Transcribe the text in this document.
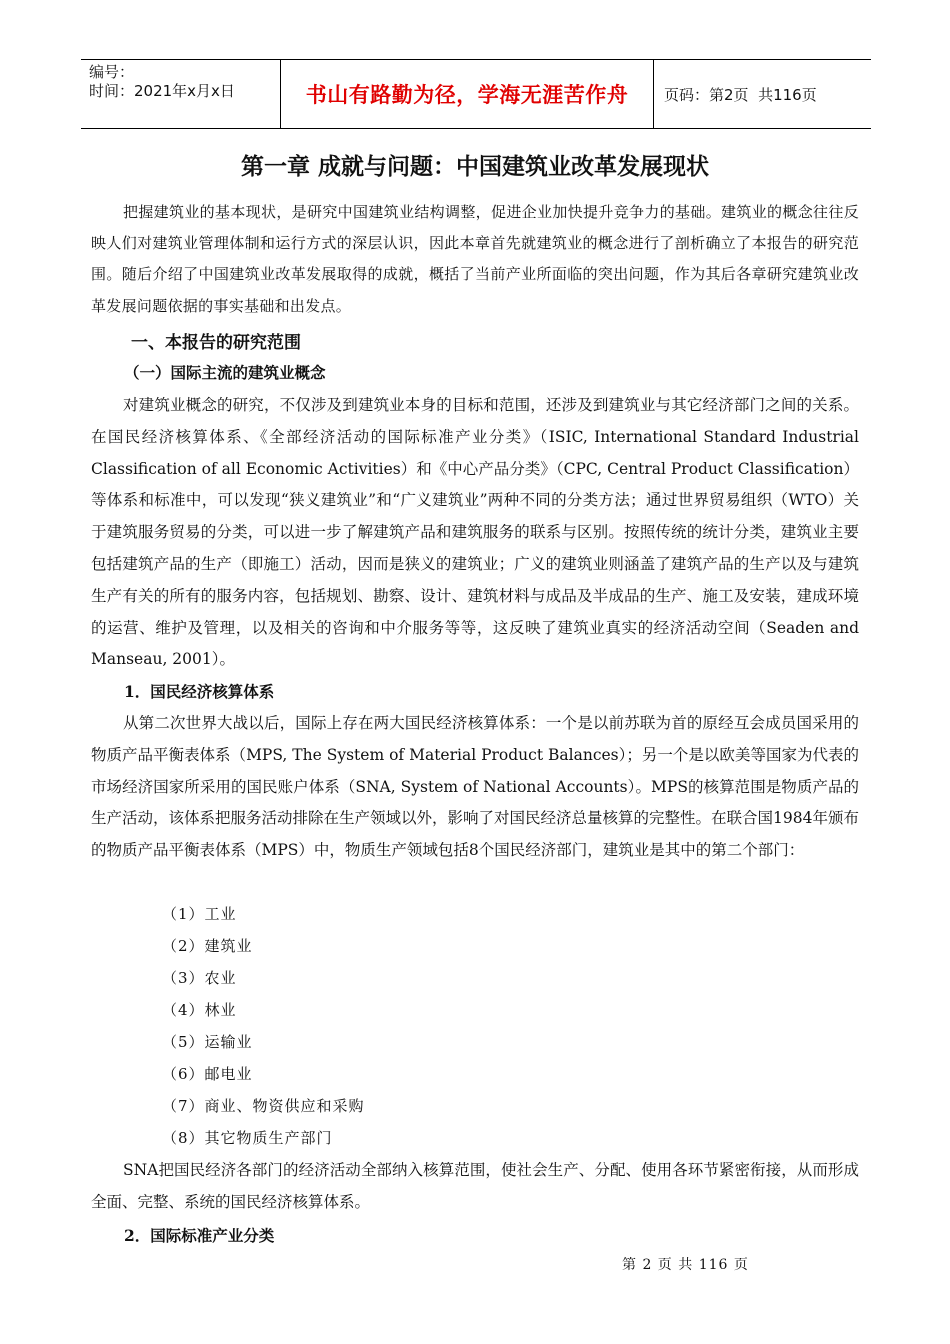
编号：
时间：2021年x月x日	书山有路勤为径，学海无涯苦作舟	页码：第2页  共116页
第一章 成就与问题：中国建筑业改革发展现状
把握建筑业的基本现状，是研究中国建筑业结构调整，促进企业加快提升竞争力的基础。建筑业的概念往往反映人们对建筑业管理体制和运行方式的深层认识，因此本章首先就建筑业的概念进行了剖析确立了本报告的研究范围。随后介绍了中国建筑业改革发展取得的成就，概括了当前产业所面临的突出问题，作为其后各章研究建筑业改革发展问题依据的事实基础和出发点。
一、本报告的研究范围
（一）国际主流的建筑业概念
对建筑业概念的研究，不仅涉及到建筑业本身的目标和范围，还涉及到建筑业与其它经济部门之间的关系。在国民经济核算体系、《全部经济活动的国际标准产业分类》（ISIC, International Standard Industrial Classification of all Economic Activities）和《中心产品分类》（CPC, Central Product Classification）等体系和标准中，可以发现“狭义建筑业”和“广义建筑业”两种不同的分类方法；通过世界贸易组织（WTO）关于建筑服务贸易的分类，可以进一步了解建筑产品和建筑服务的联系与区别。按照传统的统计分类，建筑业主要包括建筑产品的生产（即施工）活动，因而是狭义的建筑业；广义的建筑业则涵盖了建筑产品的生产以及与建筑生产有关的所有的服务内容，包括规划、勘察、设计、建筑材料与成品及半成品的生产、施工及安装，建成环境的运营、维护及管理，以及相关的咨询和中介服务等等，这反映了建筑业真实的经济活动空间（Seaden and Manseau, 2001）。
1．国民经济核算体系
从第二次世界大战以后，国际上存在两大国民经济核算体系：一个是以前苏联为首的原经互会成员国采用的物质产品平衡表体系（MPS, The System of Material Product Balances）；另一个是以欧美等国家为代表的市场经济国家所采用的国民账户体系（SNA, System of National Accounts）。MPS的核算范围是物质产品的生产活动，该体系把服务活动排除在生产领域以外，影响了对国民经济总量核算的完整性。在联合国1984年颁布的物质产品平衡表体系（MPS）中，物质生产领域包括8个国民经济部门，建筑业是其中的第二个部门：
（1）工业
（2）建筑业
（3）农业
（4）林业
（5）运输业
（6）邮电业
（7）商业、物资供应和采购
（8）其它物质生产部门
SNA把国民经济各部门的经济活动全部纳入核算范围，使社会生产、分配、使用各环节紧密衔接，从而形成全面、完整、系统的国民经济核算体系。
2．国际标准产业分类
第 2 页 共 116 页
